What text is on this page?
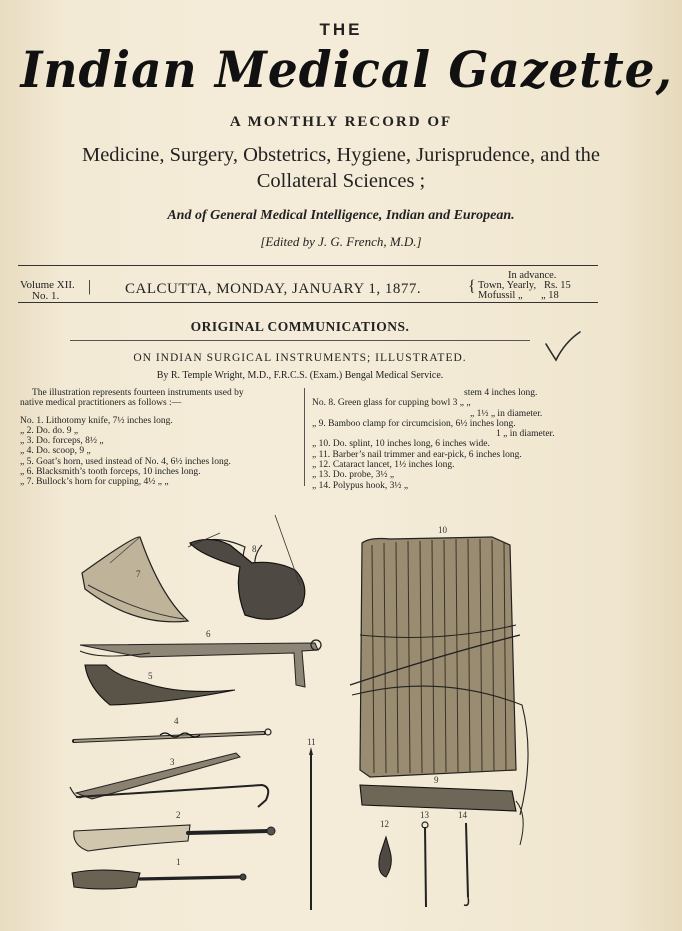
THE
Indian Medical Gazette,
A MONTHLY RECORD OF
Medicine, Surgery, Obstetrics, Hygiene, Jurisprudence, and the
Collateral Sciences ;
And of General Medical Intelligence, Indian and European.
[Edited by J. G. French, M.D.]
Volume XII.
No. 1.
| CALCUTTA, MONDAY, JANUARY 1, 1877.	{
In advance.
Town, Yearly, Rs. 15
Mofussil „ „ 18
ORIGINAL COMMUNICATIONS.
ON INDIAN SURGICAL INSTRUMENTS; ILLUSTRATED.
By R. Temple Wright, M.D., F.R.C.S. (Exam.) Bengal Medical Service.
The illustration represents fourteen instruments used by
native medical practitioners as follows :—
No. 1. Lithotomy knife, 7½ inches long.
„ 2. Do. do. 9 „
„ 3. Do. forceps, 8½ „
„ 4. Do. scoop, 9 „
„ 5. Goat’s horn, used instead of No. 4, 6½ inches long.
„ 6. Blacksmith’s tooth forceps, 10 inches long.
„ 7. Bullock’s horn for cupping, 4½ „ „
stem 4 inches long.
No. 8. Green glass for cupping bowl 3 „ „
„ 1½ „ in diameter.
„ 9. Bamboo clamp for circumcision, 6½ inches long.
1 „ in diameter.
„ 10. Do. splint, 10 inches long, 6 inches wide.
„ 11. Barber’s nail trimmer and ear-pick, 6 inches long.
„ 12. Cataract lancet, 1½ inches long.
„ 13. Do. probe, 3½ „
„ 14. Polypus hook, 3½ „
7
8
6
5
4
3
2
1
11
10
9
12
13	14
